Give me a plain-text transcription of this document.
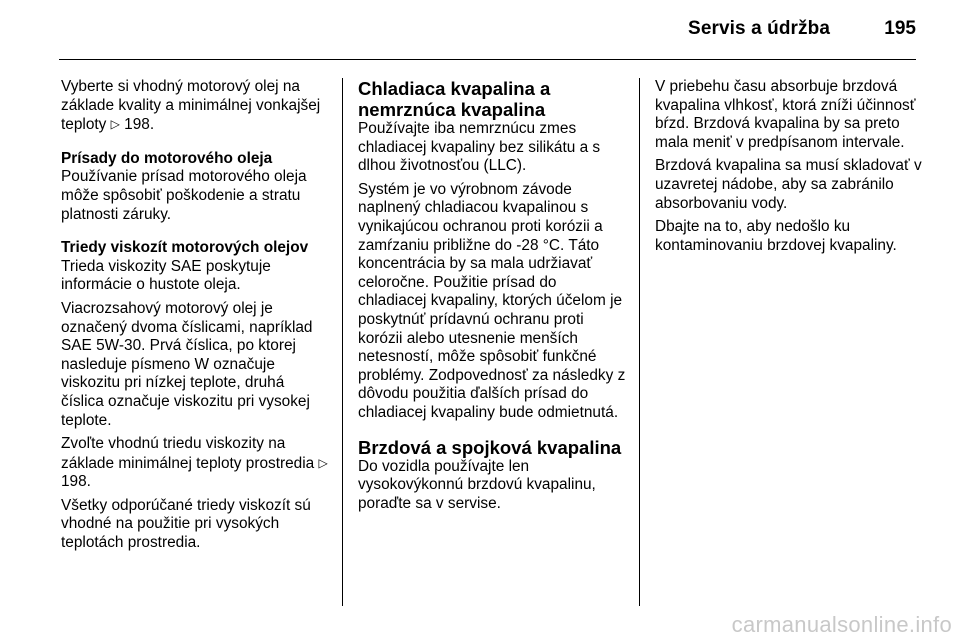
Servis a údržba	195

Vyberte si vhodný motorový olej na základe kvality a minimálnej vonkajšej teploty ▷ 198.

Prísady do motorového oleja
Používanie prísad motorového oleja môže spôsobiť poškodenie a stratu platnosti záruky.

Triedy viskozít motorových olejov
Trieda viskozity SAE poskytuje informácie o hustote oleja.

Viacrozsahový motorový olej je označený dvoma číslicami, napríklad SAE 5W-30. Prvá číslica, po ktorej nasleduje písmeno W označuje viskozitu pri nízkej teplote, druhá číslica označuje viskozitu pri vysokej teplote.

Zvoľte vhodnú triedu viskozity na základe minimálnej teploty prostredia ▷ 198.

Všetky odporúčané triedy viskozít sú vhodné na použitie pri vysokých teplotách prostredia.

Chladiaca kvapalina a nemrznúca kvapalina

Používajte iba nemrznúcu zmes chladiacej kvapaliny bez silikátu a s dlhou životnosťou (LLC).

Systém je vo výrobnom závode naplnený chladiacou kvapalinou s vynikajúcou ochranou proti korózii a zamŕzaniu približne do -28 °C. Táto koncentrácia by sa mala udržiavať celoročne. Použitie prísad do chladiacej kvapaliny, ktorých účelom je poskytnúť prídavnú ochranu proti korózii alebo utesnenie menších netesností, môže spôsobiť funkčné problémy. Zodpovednosť za následky z dôvodu použitia ďalších prísad do chladiacej kvapaliny bude odmietnutá.

Brzdová a spojková kvapalina

Do vozidla používajte len vysokovýkonnú brzdovú kvapalinu, poraďte sa v servise.

V priebehu času absorbuje brzdová kvapalina vlhkosť, ktorá zníži účinnosť bŕzd. Brzdová kvapalina by sa preto mala meniť v predpísanom intervale.

Brzdová kvapalina sa musí skladovať v uzavretej nádobe, aby sa zabránilo absorbovaniu vody.

Dbajte na to, aby nedošlo ku kontaminovaniu brzdovej kvapaliny.

carmanualsonline.info
